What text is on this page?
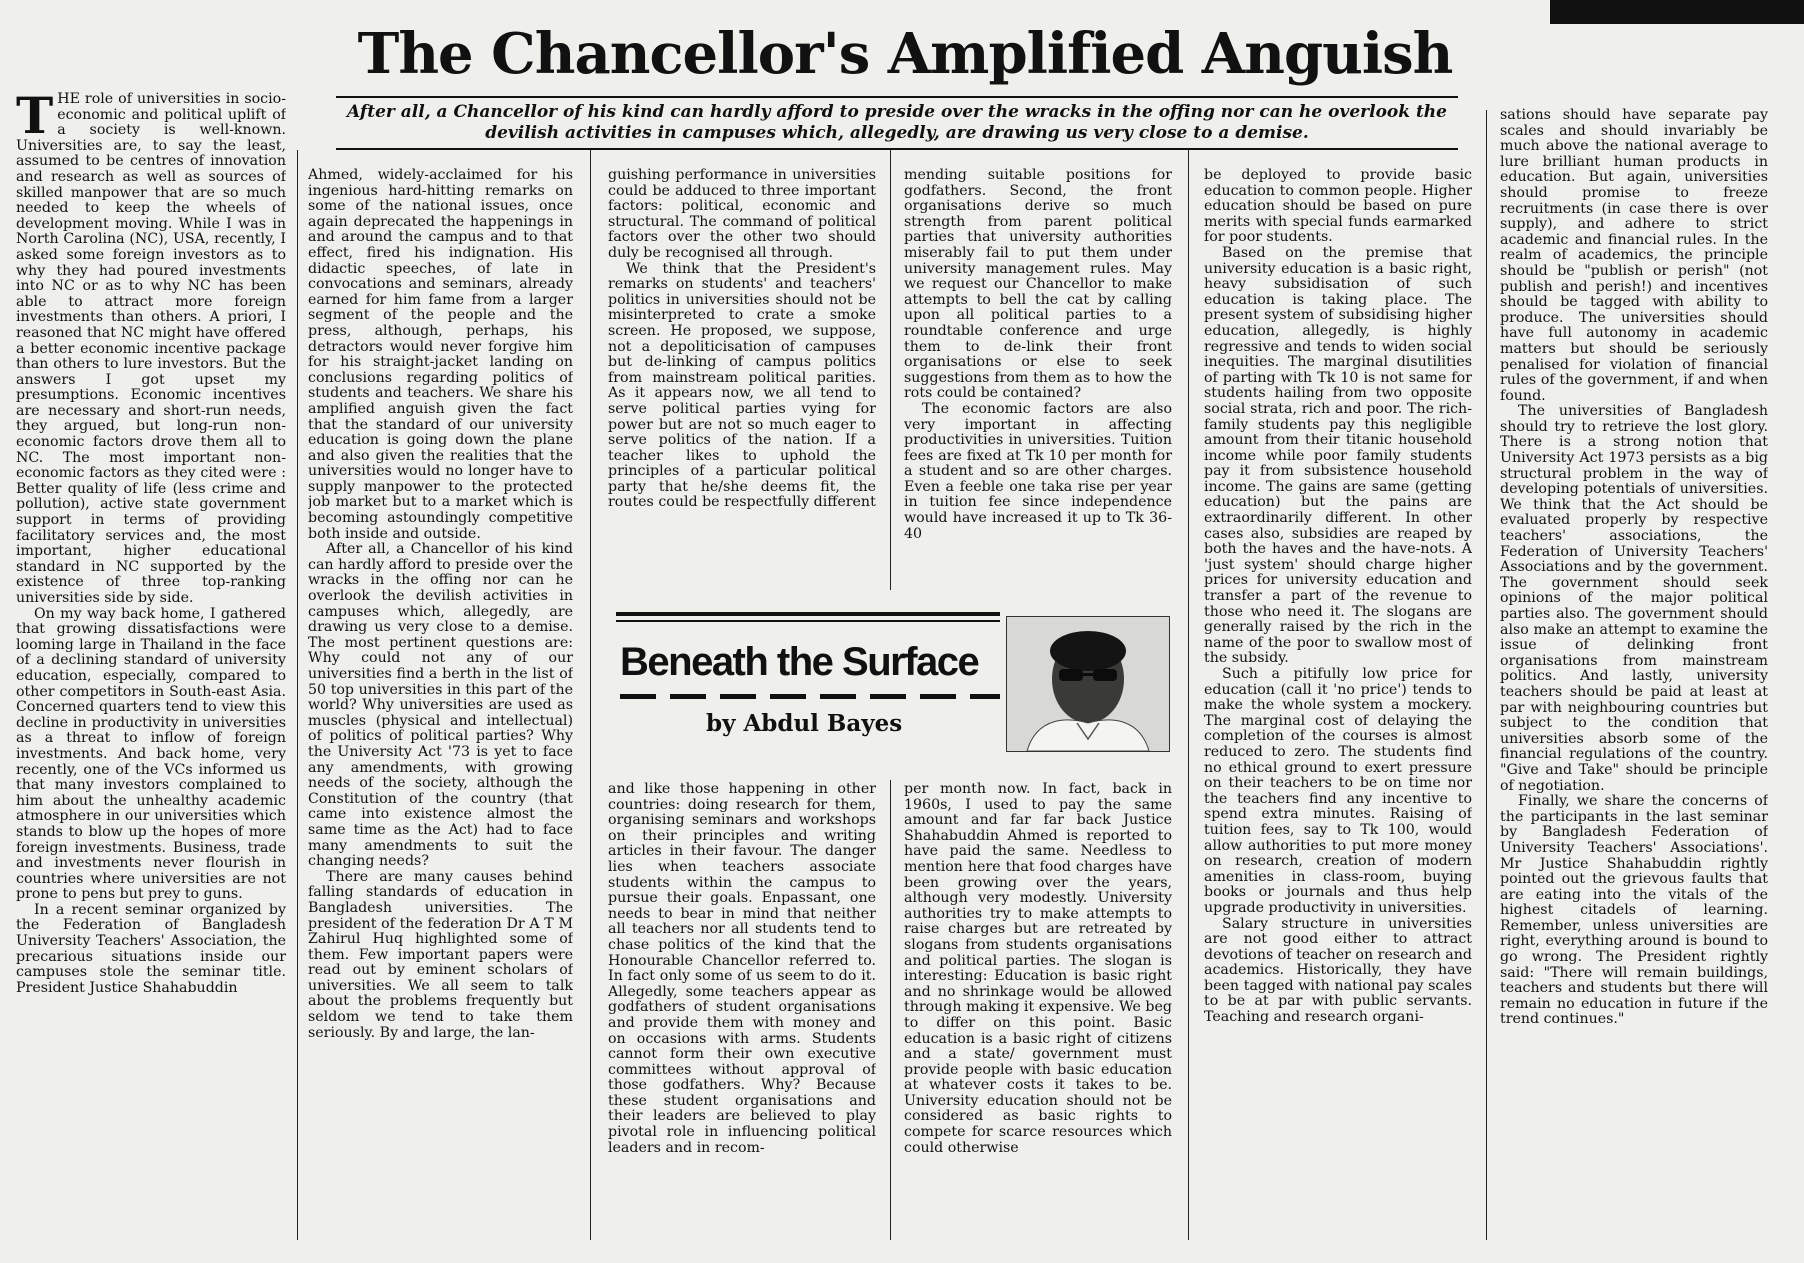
The Chancellor's Amplified Anguish
After all, a Chancellor of his kind can hardly afford to preside over the wracks in the offing nor can he overlook the devilish activities in campuses which, allegedly, are drawing us very close to a demise.

THE role of universities in socio-economic and political uplift of a society is well-known. Universities are, to say the least, assumed to be centres of innovation and research as well as sources of skilled manpower that are so much needed to keep the wheels of development moving. While I was in North Carolina (NC), USA, recently, I asked some foreign investors as to why they had poured investments into NC or as to why NC has been able to attract more foreign investments than others. A priori, I reasoned that NC might have offered a better economic incentive package than others to lure investors. But the answers I got upset my presumptions. Economic incentives are necessary and short-run needs, they argued, but long-run non-economic factors drove them all to NC. The most important non-economic factors as they cited were : Better quality of life (less crime and pollution), active state government support in terms of providing facilitatory services and, the most important, higher educational standard in NC supported by the existence of three top-ranking universities side by side.

On my way back home, I gathered that growing dissatisfactions were looming large in Thailand in the face of a declining standard of university education, especially, compared to other competitors in South-east Asia. Concerned quarters tend to view this decline in productivity in universities as a threat to inflow of foreign investments. And back home, very recently, one of the VCs informed us that many investors complained to him about the unhealthy academic atmosphere in our universities which stands to blow up the hopes of more foreign investments. Business, trade and investments never flourish in countries where universities are not prone to pens but prey to guns.

In a recent seminar organized by the Federation of Bangladesh University Teachers' Association, the precarious situations inside our campuses stole the seminar title. President Justice Shahabuddin

Ahmed, widely-acclaimed for his ingenious hard-hitting remarks on some of the national issues, once again deprecated the happenings in and around the campus and to that effect, fired his indignation. His didactic speeches, of late in convocations and seminars, already earned for him fame from a larger segment of the people and the press, although, perhaps, his detractors would never forgive him for his straight-jacket landing on conclusions regarding politics of students and teachers. We share his amplified anguish given the fact that the standard of our university education is going down the plane and also given the realities that the universities would no longer have to supply manpower to the protected job market but to a market which is becoming astoundingly competitive both inside and outside.

After all, a Chancellor of his kind can hardly afford to preside over the wracks in the offing nor can he overlook the devilish activities in campuses which, allegedly, are drawing us very close to a demise. The most pertinent questions are: Why could not any of our universities find a berth in the list of 50 top universities in this part of the world? Why universities are used as muscles (physical and intellectual) of politics of political parties? Why the University Act '73 is yet to face any amendments, with growing needs of the society, although the Constitution of the country (that came into existence almost the same time as the Act) had to face many amendments to suit the changing needs?

There are many causes behind falling standards of education in Bangladesh universities. The president of the federation Dr A T M Zahirul Huq highlighted some of them. Few important papers were read out by eminent scholars of universities. We all seem to talk about the problems frequently but seldom we tend to take them seriously. By and large, the lan-

guishing performance in universities could be adduced to three important factors: political, economic and structural. The command of political factors over the other two should duly be recognised all through.

We think that the President's remarks on students' and teachers' politics in universities should not be misinterpreted to crate a smoke screen. He proposed, we suppose, not a depoliticisation of campuses but de-linking of campus politics from mainstream political parities. As it appears now, we all tend to serve political parties vying for power but are not so much eager to serve politics of the nation. If a teacher likes to uphold the principles of a particular political party that he/she deems fit, the routes could be respectfully different

mending suitable positions for godfathers. Second, the front organisations derive so much strength from parent political parties that university authorities miserably fail to put them under university management rules. May we request our Chancellor to make attempts to bell the cat by calling upon all political parties to a roundtable conference and urge them to de-link their front organisations or else to seek suggestions from them as to how the rots could be contained?

The economic factors are also very important in affecting productivities in universities. Tuition fees are fixed at Tk 10 per month for a student and so are other charges. Even a feeble one taka rise per year in tuition fee since independence would have increased it up to Tk 36-40

Beneath the Surface
by Abdul Bayes

and like those happening in other countries: doing research for them, organising seminars and workshops on their principles and writing articles in their favour. The danger lies when teachers associate students within the campus to pursue their goals. Enpassant, one needs to bear in mind that neither all teachers nor all students tend to chase politics of the kind that the Honourable Chancellor referred to. In fact only some of us seem to do it. Allegedly, some teachers appear as godfathers of student organisations and provide them with money and on occasions with arms. Students cannot form their own executive committees without approval of those godfathers. Why? Because these student organisations and their leaders are believed to play pivotal role in influencing political leaders and in recom-

per month now. In fact, back in 1960s, I used to pay the same amount and far far back Justice Shahabuddin Ahmed is reported to have paid the same. Needless to mention here that food charges have been growing over the years, although very modestly. University authorities try to make attempts to raise charges but are retreated by slogans from students organisations and political parties. The slogan is interesting: Education is basic right and no shrinkage would be allowed through making it expensive. We beg to differ on this point. Basic education is a basic right of citizens and a state/ government must provide people with basic education at whatever costs it takes to be. University education should not be considered as basic rights to compete for scarce resources which could otherwise

be deployed to provide basic education to common people. Higher education should be based on pure merits with special funds earmarked for poor students.

Based on the premise that university education is a basic right, heavy subsidisation of such education is taking place. The present system of subsidising higher education, allegedly, is highly regressive and tends to widen social inequities. The marginal disutilities of parting with Tk 10 is not same for students hailing from two opposite social strata, rich and poor. The rich-family students pay this negligible amount from their titanic household income while poor family students pay it from subsistence household income. The gains are same (getting education) but the pains are extraordinarily different. In other cases also, subsidies are reaped by both the haves and the have-nots. A 'just system' should charge higher prices for university education and transfer a part of the revenue to those who need it. The slogans are generally raised by the rich in the name of the poor to swallow most of the subsidy.

Such a pitifully low price for education (call it 'no price') tends to make the whole system a mockery. The marginal cost of delaying the completion of the courses is almost reduced to zero. The students find no ethical ground to exert pressure on their teachers to be on time nor the teachers find any incentive to spend extra minutes. Raising of tuition fees, say to Tk 100, would allow authorities to put more money on research, creation of modern amenities in class-room, buying books or journals and thus help upgrade productivity in universities.

Salary structure in universities are not good either to attract devotions of teacher on research and academics. Historically, they have been tagged with national pay scales to be at par with public servants. Teaching and research organi-

sations should have separate pay scales and should invariably be much above the national average to lure brilliant human products in education. But again, universities should promise to freeze recruitments (in case there is over supply), and adhere to strict academic and financial rules. In the realm of academics, the principle should be "publish or perish" (not publish and perish!) and incentives should be tagged with ability to produce. The universities should have full autonomy in academic matters but should be seriously penalised for violation of financial rules of the government, if and when found.

The universities of Bangladesh should try to retrieve the lost glory. There is a strong notion that University Act 1973 persists as a big structural problem in the way of developing potentials of universities. We think that the Act should be evaluated properly by respective teachers' associations, the Federation of University Teachers' Associations and by the government. The government should seek opinions of the major political parties also. The government should also make an attempt to examine the issue of delinking front organisations from mainstream politics. And lastly, university teachers should be paid at least at par with neighbouring countries but subject to the condition that universities absorb some of the financial regulations of the country. "Give and Take" should be principle of negotiation.

Finally, we share the concerns of the participants in the last seminar by Bangladesh Federation of University Teachers' Associations'. Mr Justice Shahabuddin rightly pointed out the grievous faults that are eating into the vitals of the highest citadels of learning. Remember, unless universities are right, everything around is bound to go wrong. The President rightly said: "There will remain buildings, teachers and students but there will remain no education in future if the trend continues."
